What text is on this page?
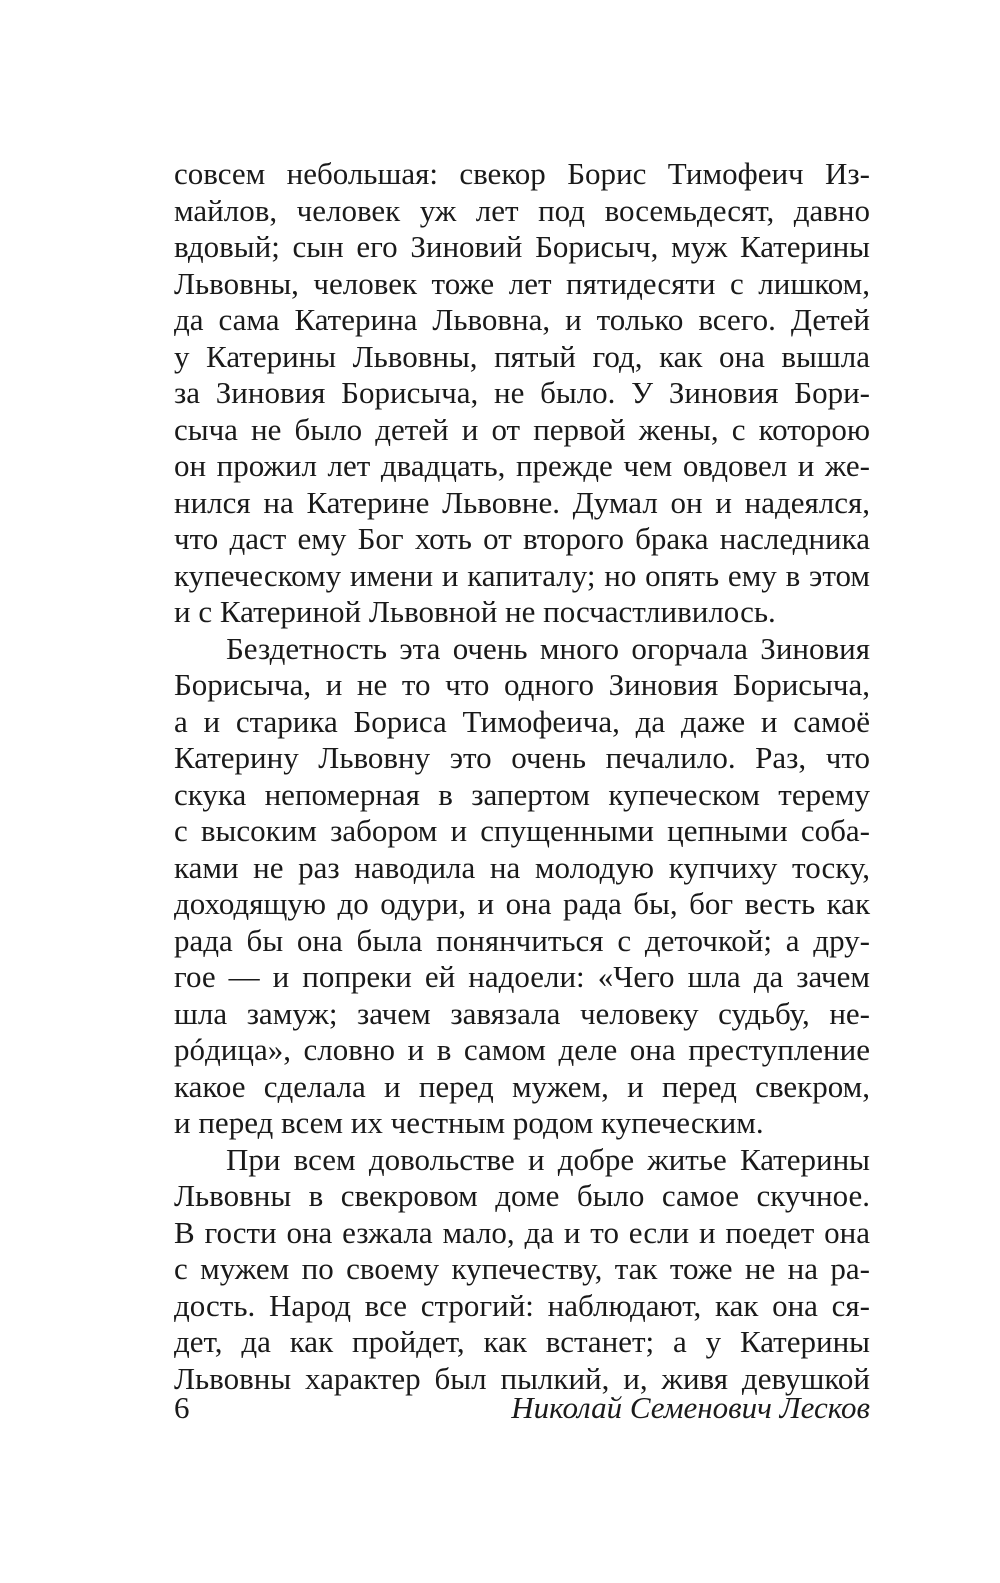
совсем небольшая: свекор Борис Тимофеич Из-
майлов, человек уж лет под восемьдесят, давно
вдовый; сын его Зиновий Борисыч, муж Катерины
Львовны, человек тоже лет пятидесяти с лишком,
да сама Катерина Львовна, и только всего. Детей
у Катерины Львовны, пятый год, как она вышла
за Зиновия Борисыча, не было. У Зиновия Бори-
сыча не было детей и от первой жены, с которою
он прожил лет двадцать, прежде чем овдовел и же-
нился на Катерине Львовне. Думал он и надеялся,
что даст ему Бог хоть от второго брака наследника
купеческому имени и капиталу; но опять ему в этом
и с Катериной Львовной не посчастливилось.
Бездетность эта очень много огорчала Зиновия
Борисыча, и не то что одного Зиновия Борисыча,
а и старика Бориса Тимофеича, да даже и самоё
Катерину Львовну это очень печалило. Раз, что
скука непомерная в запертом купеческом терему
с высоким забором и спущенными цепными соба-
ками не раз наводила на молодую купчиху тоску,
доходящую до одури, и она рада бы, бог весть как
рада бы она была понянчиться с деточкой; а дру-
гое — и попреки ей надоели: «Чего шла да зачем
шла замуж; зачем завязала человеку судьбу, не-
рóдица», словно и в самом деле она преступление
какое сделала и перед мужем, и перед свекром,
и перед всем их честным родом купеческим.
При всем довольстве и добре житье Катерины
Львовны в свекровом доме было самое скучное.
В гости она езжала мало, да и то если и поедет она
с мужем по своему купечеству, так тоже не на ра-
дость. Народ все строгий: наблюдают, как она ся-
дет, да как пройдет, как встанет; а у Катерины
Львовны характер был пылкий, и, живя девушкой
6	Николай Семенович Лесков
